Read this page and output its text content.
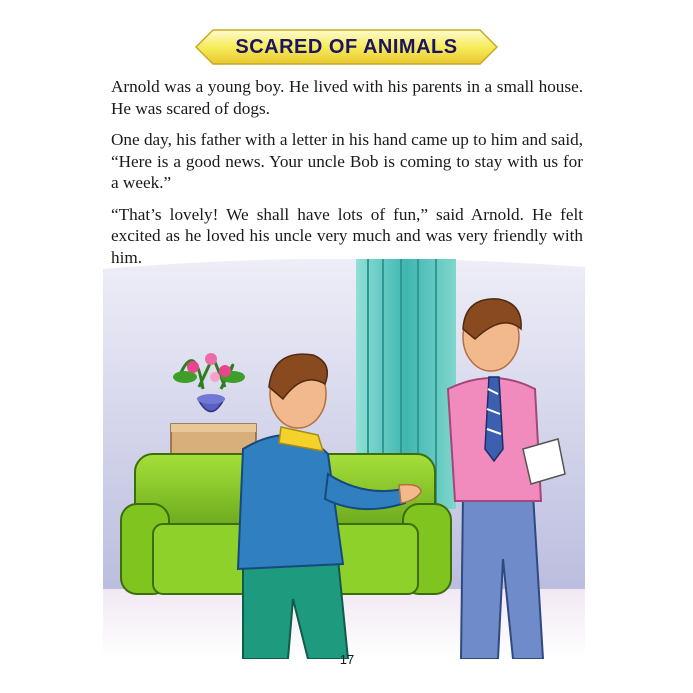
SCARED OF ANIMALS

Arnold was a young boy. He lived with his parents in a small house. He was scared of dogs.

One day, his father with a letter in his hand came up to him and said, “Here is a good news. Your uncle Bob is coming to stay with us for a week.”

“That’s lovely! We shall have lots of fun,” said Arnold. He felt excited as he loved his uncle very much and was very friendly with him.

17
